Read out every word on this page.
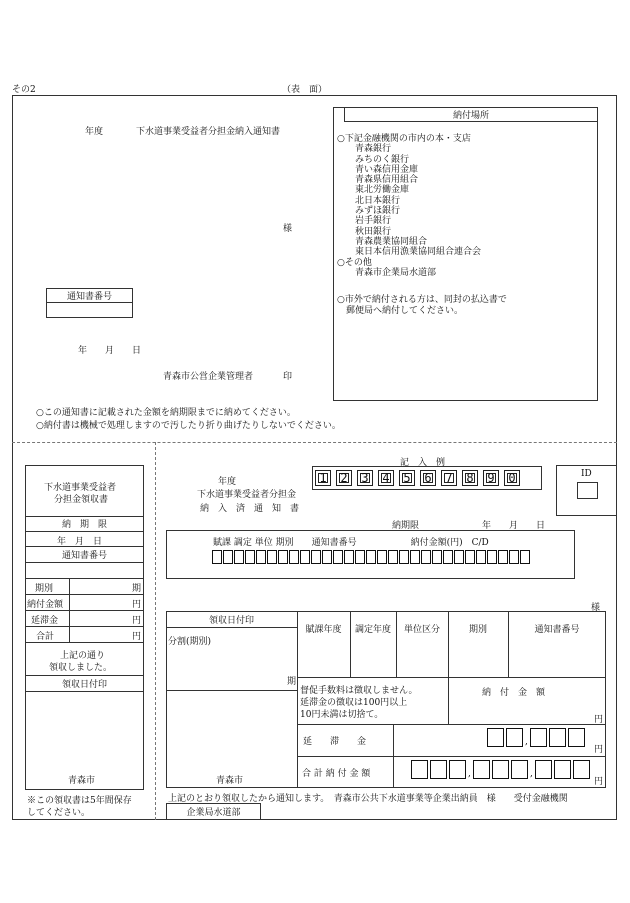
その2	（表　面）
年度	下水道事業受益者分担金納入通知書
様
通知書番号
年　　月　　日
青森市公営企業管理者	印
○この通知書に記載された金額を納期限までに納めてください。
○納付書は機械で処理しますので汚したり折り曲げたりしないでください。
納付場所
○下記金融機関の市内の本・支店
　　青森銀行
　　みちのく銀行
　　青い森信用金庫
　　青森県信用組合
　　東北労働金庫
　　北日本銀行
　　みずほ銀行
　　岩手銀行
　　秋田銀行
　　青森農業協同組合
　　東日本信用漁業協同組合連合会
○その他
　　青森市企業局水道部
○市外で納付される方は、同封の払込書で
　郵便局へ納付してください。
下水道事業受益者
分担金領収書
納　期　限
年　月　日
通知書番号
期別	期
納付金額	円
延滞金	円
合計	円
上記の通り
領収しました。
領収日付印
青森市
※この領収書は5年間保存
してください。
記　入　例
年度
下水道事業受益者分担金
納　入　済　通　知　書
1 2 3 4 5 6 7 8 9 0	ID
納期限	年　　月　　日
賦課 調定 単位 期別　　通知書番号　　　　　　納付金額(円)　C/D
様
領収日付印
分割(期別)
期
青森市
賦課年度	調定年度	単位区分	期別	通知書番号
督促手数料は徴収しません。
延滞金の徴収は100円以上
10円未満は切捨て。
納　付　金　額
円
延　　滞　　金	,
円
合 計 納 付 金 額	,	,
円
上記のとおり領収したから通知します。　青森市公共下水道事業等企業出納員　様　　受付金融機関
企業局水道部
